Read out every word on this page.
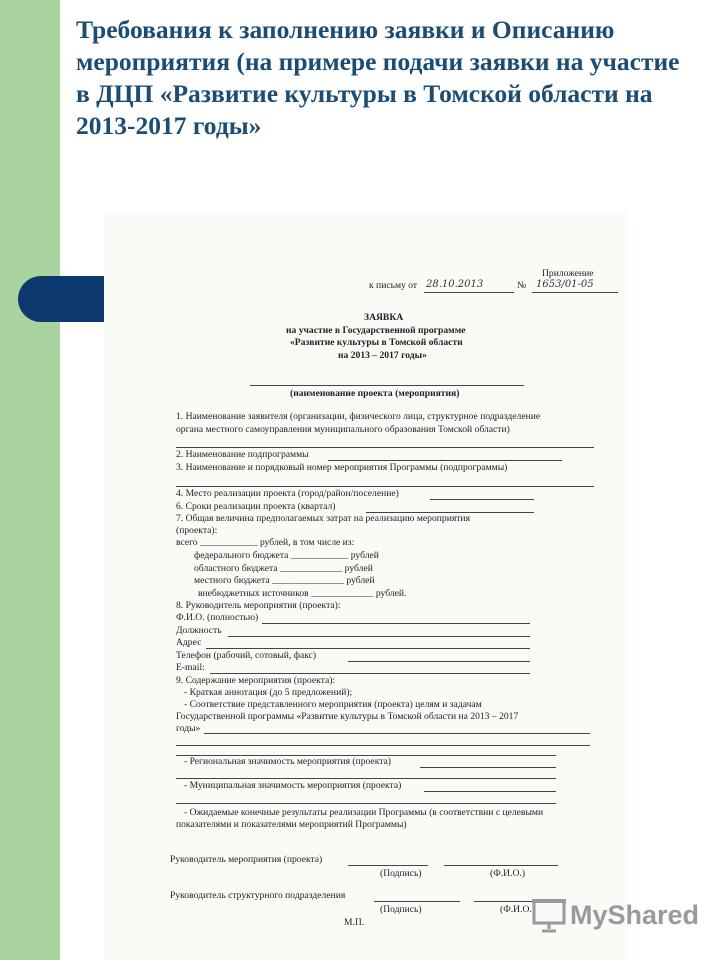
Требования к заполнению заявки и Описанию мероприятия (на примере подачи заявки на участие в ДЦП «Развитие культуры в Томской области на 2013-2017 годы»
Приложение
к письму от 28.10.2013	№ 1653/01-05
ЗАЯВКА
на участие в Государственной программе
«Развитие культуры в Томской области
на 2013 – 2017 годы»
(наименование проекта (мероприятия)
1. Наименование заявителя (организации, физического лица, структурное подразделение
органа местного самоуправления муниципального образования Томской области)
2. Наименование подпрограммы
3. Наименование и порядковый номер мероприятия Программы (подпрограммы)
4. Место реализации проекта (город/район/поселение)
6. Сроки реализации проекта (квартал)
7. Общая величина предполагаемых затрат на реализацию мероприятия
(проекта):
всего ____________ рублей, в том числе из:
федерального бюджета ____________ рублей
областного бюджета _____________ рублей
местного бюджета _______________ рублей
внебюджетных источников _____________ рублей.
8. Руководитель мероприятия (проекта):
Ф.И.О. (полностью)
Должность
Адрес
Телефон (рабочий, сотовый, факс)
E-mail:
9. Содержание мероприятия (проекта):
- Краткая аннотация (до 5 предложений);
- Соответствие представленного мероприятия (проекта) целям и задачам
Государственной программы «Развитие культуры в Томской области на 2013 – 2017
годы»
- Региональная значимость мероприятия (проекта)
- Муниципальная значимость мероприятия (проекта)
- Ожидаемые конечные результаты реализации Программы (в соответствии с целевыми
показателями и показателями мероприятий Программы)
Руководитель мероприятия (проекта)
(Подпись)	(Ф.И.О.)
Руководитель структурного подразделения
(Подпись)	(Ф.И.О.)
М.П.	MyShared
